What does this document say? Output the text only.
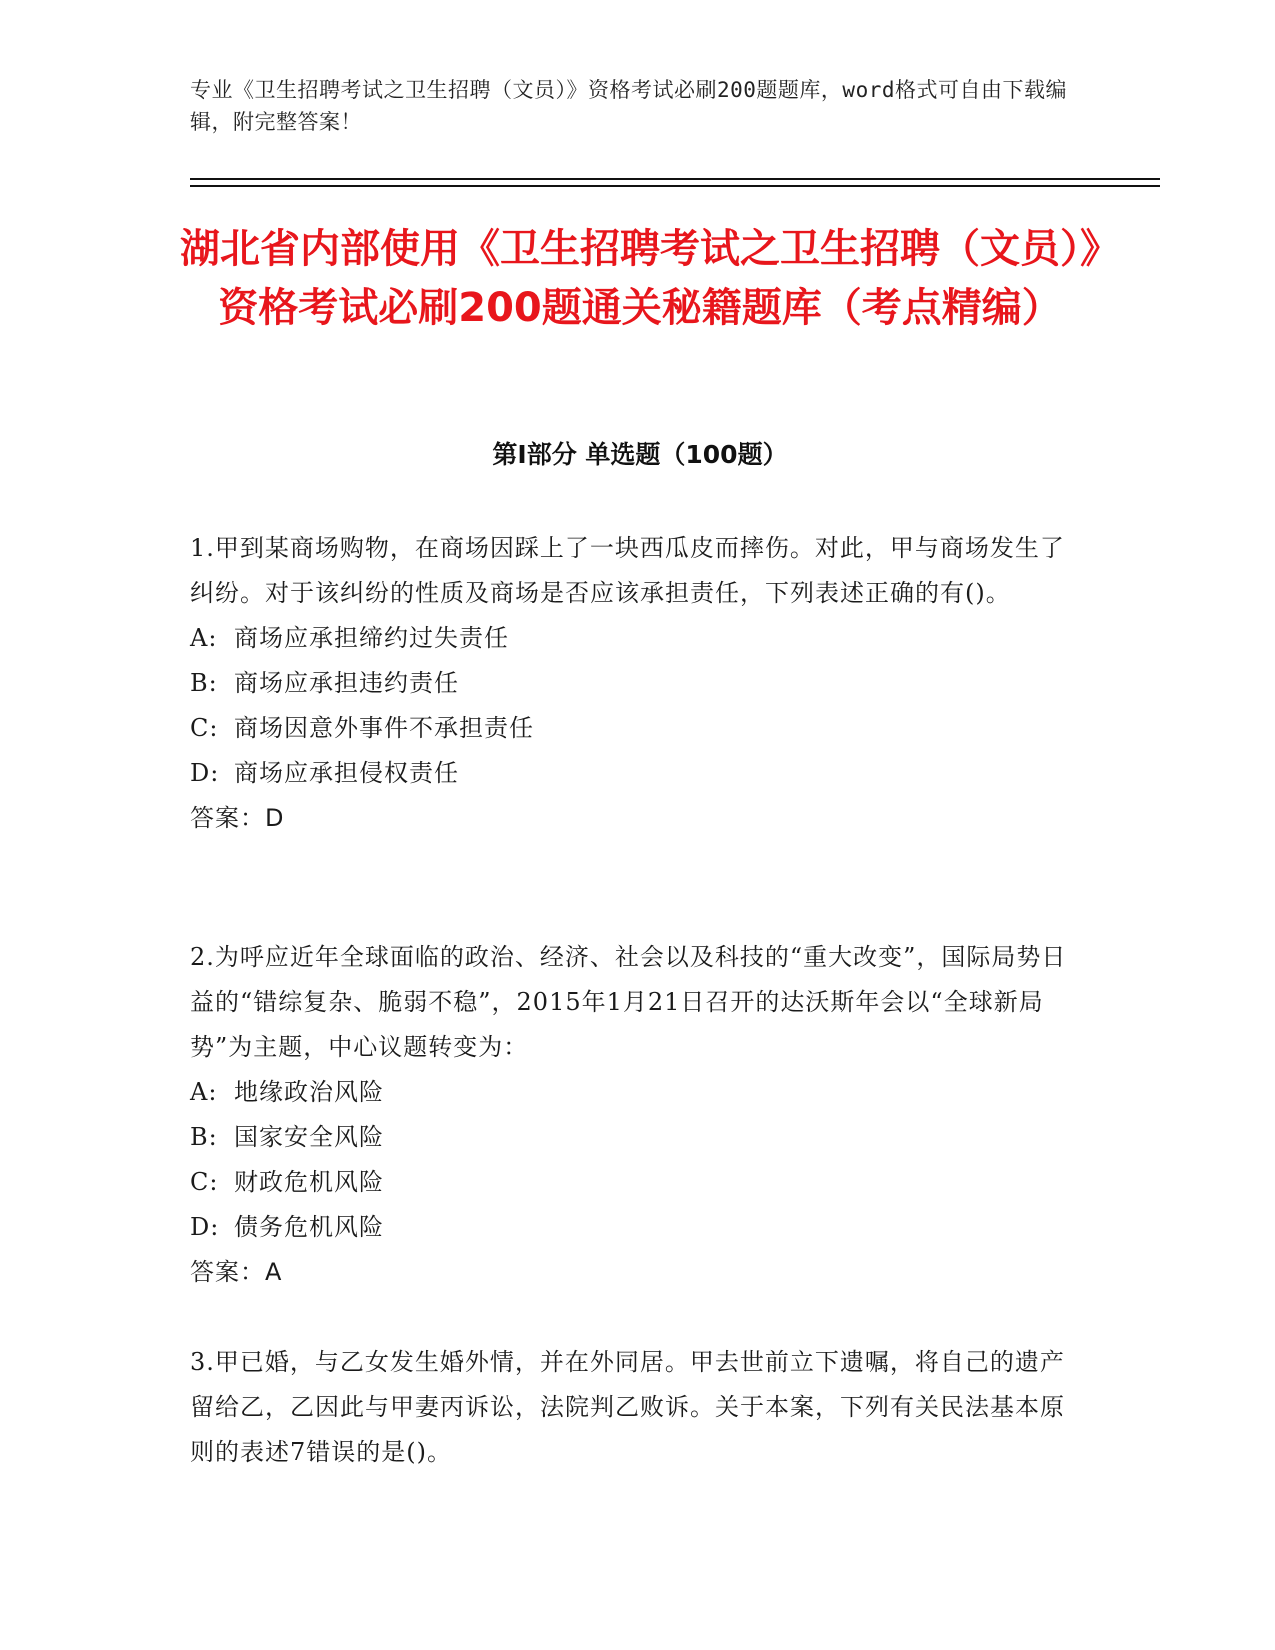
专业《卫生招聘考试之卫生招聘（文员）》资格考试必刷200题题库，word格式可自由下载编辑，附完整答案！
湖北省内部使用《卫生招聘考试之卫生招聘（文员）》资格考试必刷200题通关秘籍题库（考点精编）
第I部分 单选题（100题）

1.甲到某商场购物，在商场因踩上了一块西瓜皮而摔伤。对此，甲与商场发生了纠纷。对于该纠纷的性质及商场是否应该承担责任，下列表述正确的有()。

A: 商场应承担缔约过失责任

B: 商场应承担违约责任

C: 商场因意外事件不承担责任

D: 商场应承担侵权责任

答案：D

2.为呼应近年全球面临的政治、经济、社会以及科技的“重大改变”，国际局势日益的“错综复杂、脆弱不稳”，2015年1月21日召开的达沃斯年会以“全球新局势”为主题，中心议题转变为：

A: 地缘政治风险

B: 国家安全风险

C: 财政危机风险

D: 债务危机风险

答案：A

3.甲已婚，与乙女发生婚外情，并在外同居。甲去世前立下遗嘱，将自己的遗产留给乙，乙因此与甲妻丙诉讼，法院判乙败诉。关于本案，下列有关民法基本原则的表述7错误的是()。
